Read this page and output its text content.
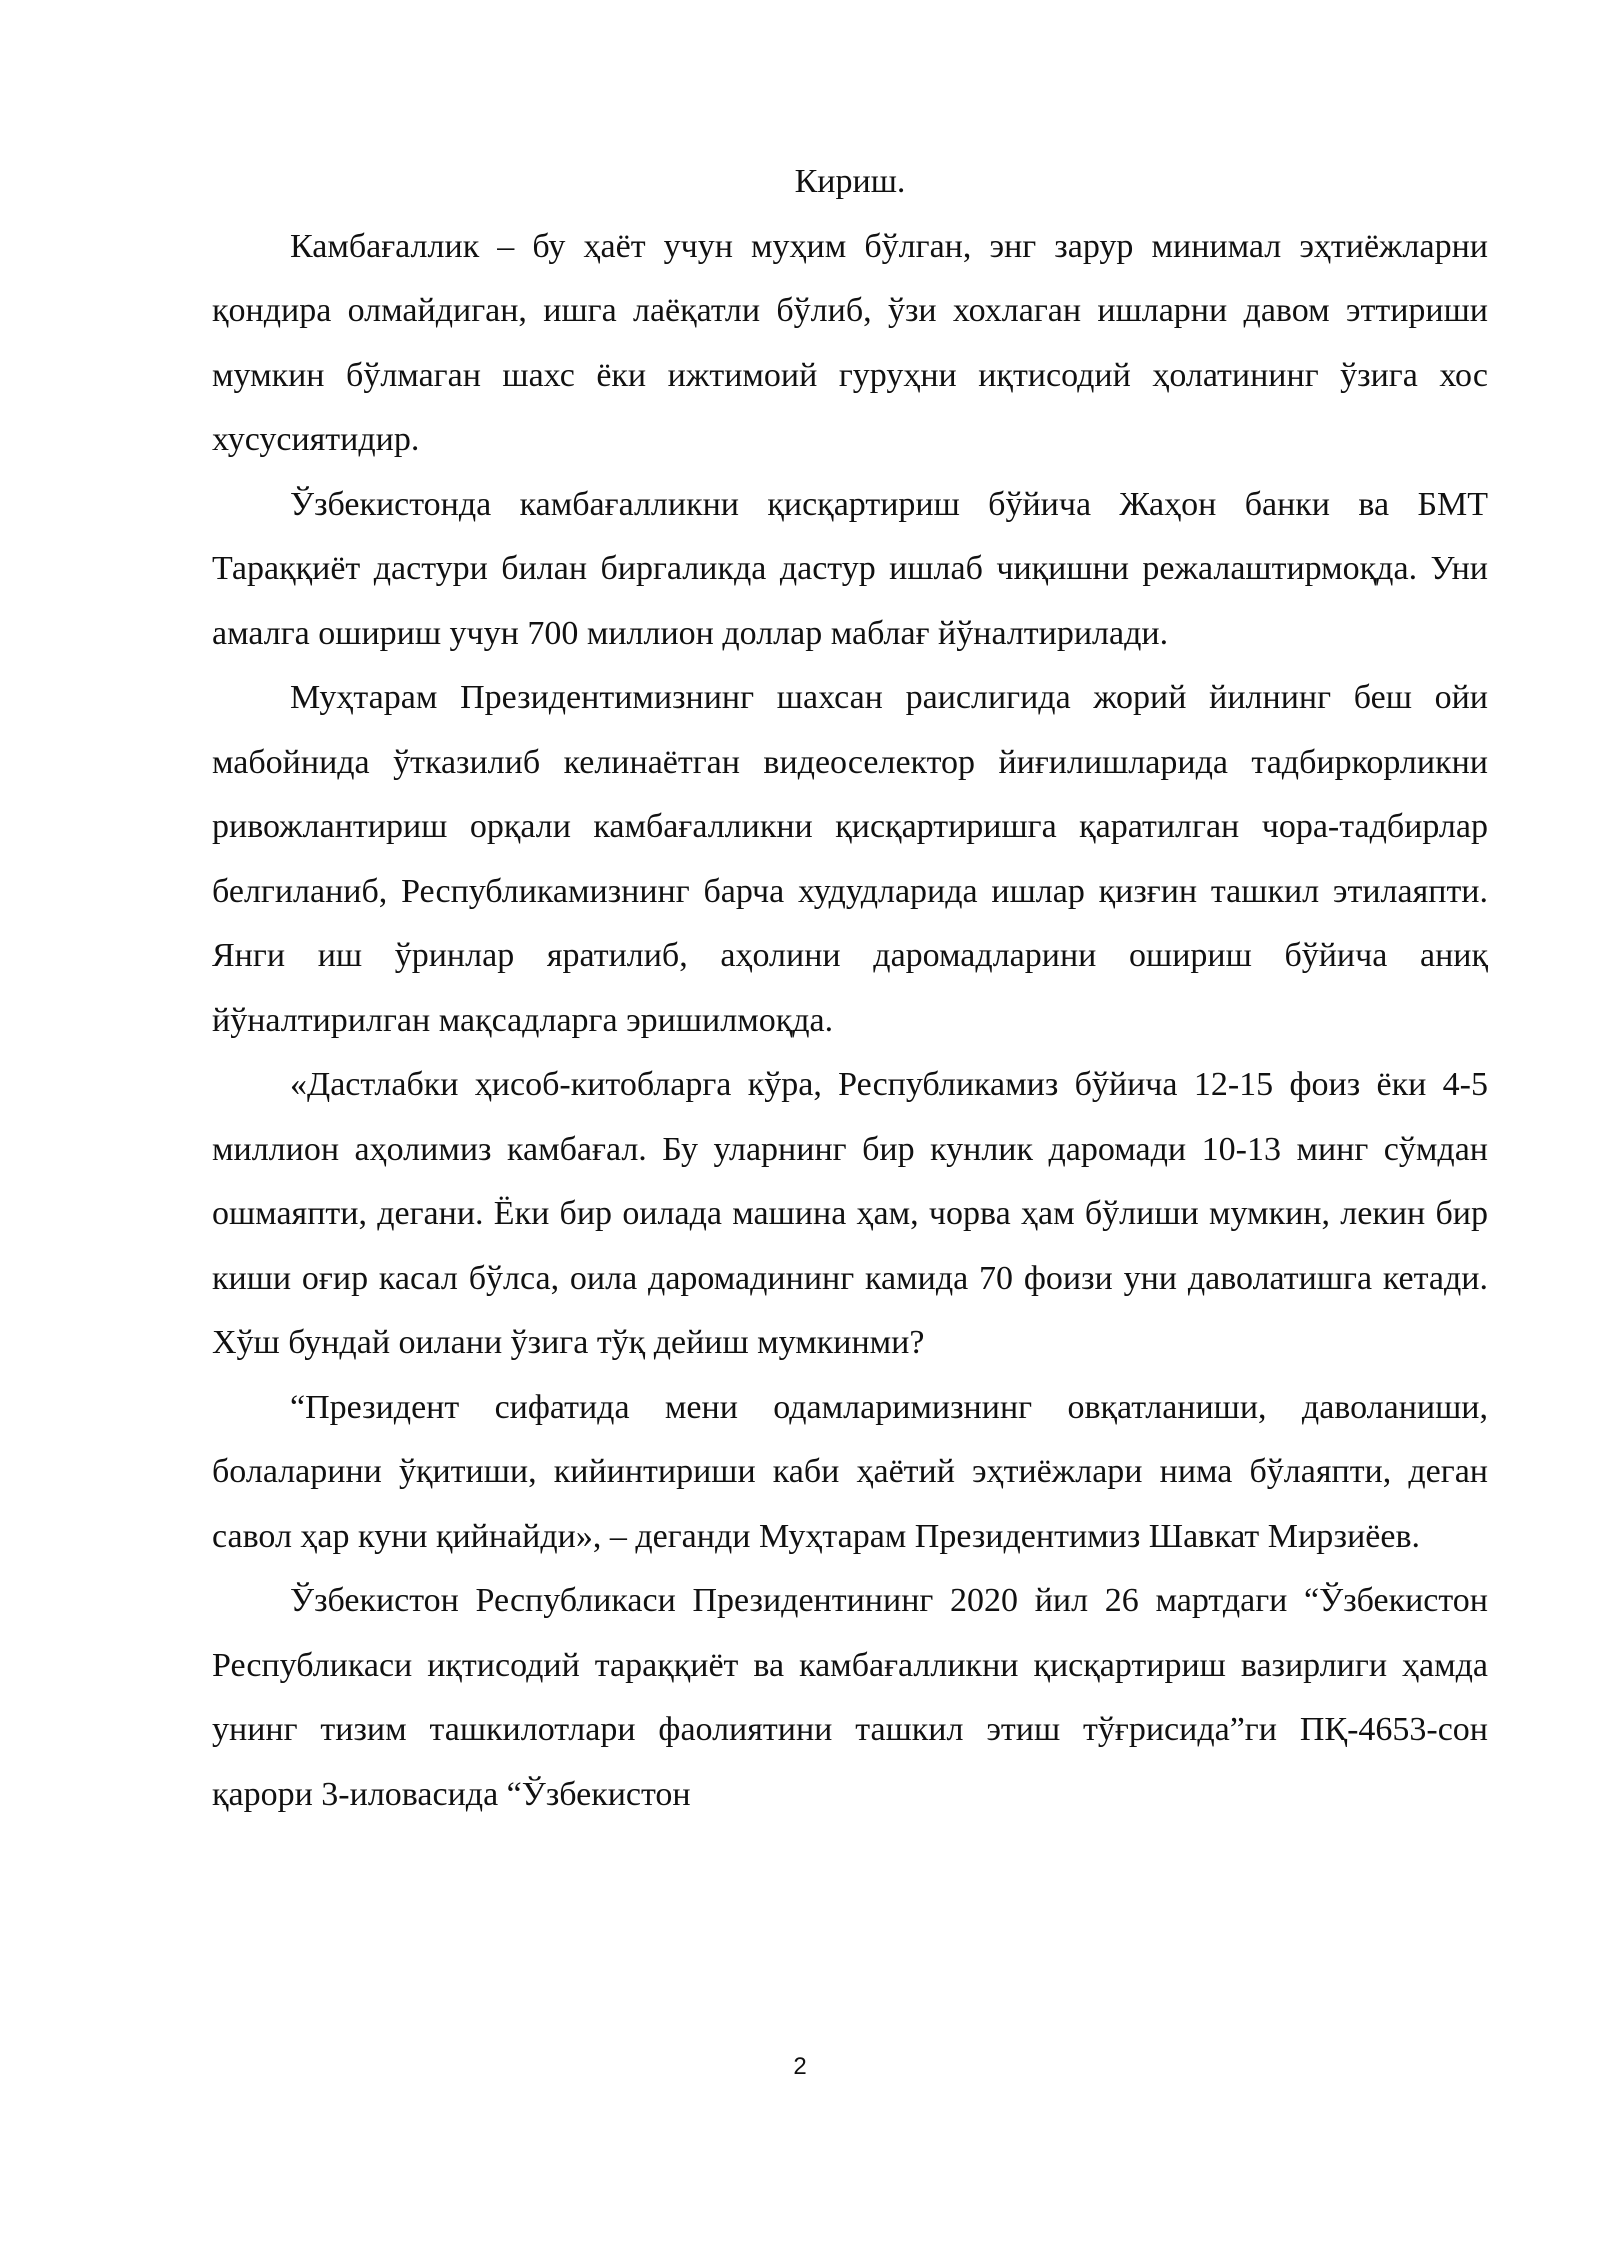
Кириш.

Камбағаллик – бу ҳаёт учун муҳим бўлган, энг зарур минимал эҳтиёжларни қондира олмайдиган, ишга лаёқатли бўлиб, ўзи хохлаган ишларни давом эттириши мумкин бўлмаган шахс ёки ижтимоий гуруҳни иқтисодий ҳолатининг ўзига хос хусусиятидир.

Ўзбекистонда камбағалликни қисқартириш бўйича Жаҳон банки ва БМТ Тараққиёт дастури билан биргаликда дастур ишлаб чиқишни режалаштирмоқда. Уни амалга ошириш учун 700 миллион доллар маблағ йўналтирилади.

Муҳтарам Президентимизнинг шахсан раислигида жорий йилнинг беш ойи мабойнида ўтказилиб келинаётган видеоселектор йиғилишларида тадбиркорликни ривожлантириш орқали камбағалликни қисқартиришга қаратилган чора-тадбирлар белгиланиб, Республикамизнинг барча худудларида ишлар қизғин ташкил этилаяпти. Янги иш ўринлар яратилиб, аҳолини даромадларини ошириш бўйича аниқ йўналтирилган мақсадларга эришилмоқда.

«Дастлабки ҳисоб-китобларга кўра, Республикамиз бўйича 12-15 фоиз ёки 4-5 миллион аҳолимиз камбағал. Бу уларнинг бир кунлик даромади 10-13 минг сўмдан ошмаяпти, дегани. Ёки бир оилада машина ҳам, чорва ҳам бўлиши мумкин, лекин бир киши оғир касал бўлса, оила даромадининг камида 70 фоизи уни даволатишга кетади. Хўш бундай оилани ўзига тўқ дейиш мумкинми?

“Президент сифатида мени одамларимизнинг овқатланиши, даволаниши, болаларини ўқитиши, кийинтириши каби ҳаётий эҳтиёжлари нима бўлаяпти, деган савол ҳар куни қийнайди», – деганди Муҳтарам Президентимиз Шавкат Мирзиёев.

Ўзбекистон Республикаси Президентининг 2020 йил 26 мартдаги “Ўзбекистон Республикаси иқтисодий тараққиёт ва камбағалликни қисқартириш вазирлиги ҳамда унинг тизим ташкилотлари фаолиятини ташкил этиш тўғрисида”ги ПҚ-4653-сон қарори 3-иловасида “Ўзбекистон

2
